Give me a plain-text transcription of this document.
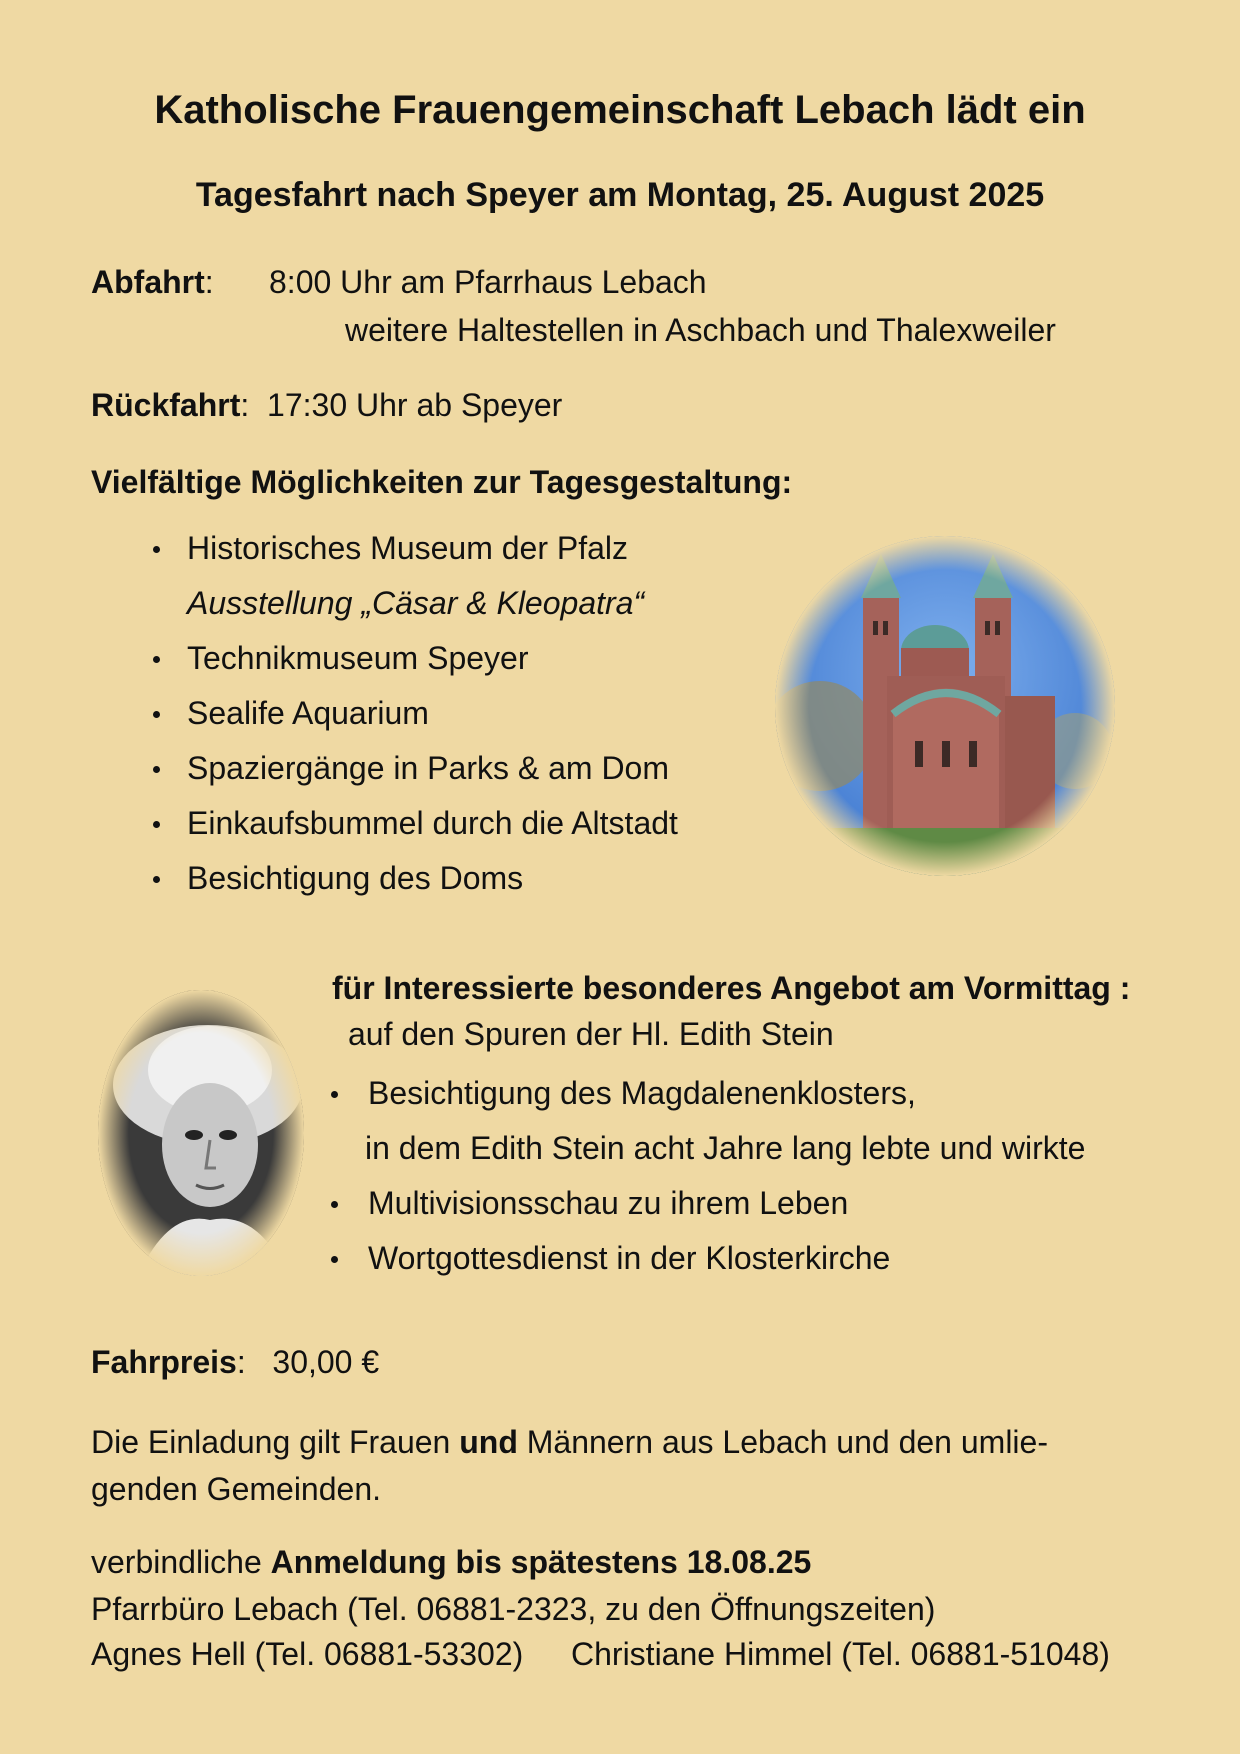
Katholische Frauengemeinschaft Lebach lädt ein
Tagesfahrt nach Speyer am Montag, 25. August 2025

Abfahrt: 8:00 Uhr am Pfarrhaus Lebach

weitere Haltestellen in Aschbach und Thalexweiler

Rückfahrt:  17:30 Uhr ab Speyer

Vielfältige Möglichkeiten zur Tagesgestaltung:

Historisches Museum der Pfalz
Ausstellung „Cäsar & Kleopatra“
Technikmuseum Speyer
Sealife Aquarium
Spaziergänge in Parks & am Dom
Einkaufsbummel durch die Altstadt
Besichtigung des Doms

für Interessierte besonderes Angebot am Vormittag :

auf den Spuren der Hl. Edith Stein

Besichtigung des Magdalenenklosters,
in dem Edith Stein acht Jahre lang lebte und wirkte
Multivisionsschau zu ihrem Leben
Wortgottesdienst in der Klosterkirche

Fahrpreis:   30,00 €

Die Einladung gilt Frauen und Männern aus Lebach und den umlie-

genden Gemeinden.

verbindliche Anmeldung bis spätestens 18.08.25

Pfarrbüro Lebach (Tel. 06881-2323, zu den Öffnungszeiten)

Agnes Hell (Tel. 06881-53302) Christiane Himmel (Tel. 06881-51048)
